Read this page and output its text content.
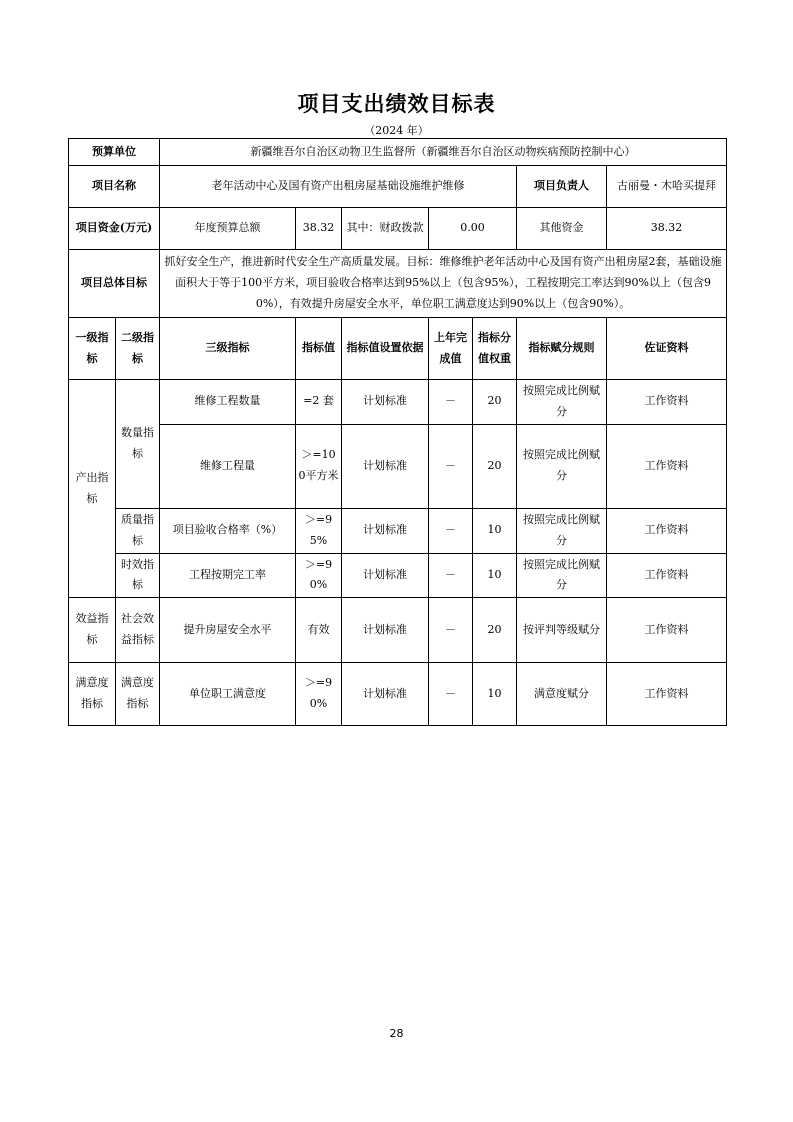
项目支出绩效目标表
（2024 年）
预算单位		新疆维吾尔自治区动物卫生监督所（新疆维吾尔自治区动物疾病预防控制中心）						
项目名称		老年活动中心及国有资产出租房屋基础设施维护维修					项目负责人	古丽曼・木哈买提拜
项目资金(万元)		年度预算总额	38.32	其中：财政拨款	0.00		其他资金	38.32
项目总体目标		抓好安全生产，推进新时代安全生产高质量发展。目标：维修维护老年活动中心及国有资产出租房屋2套，基础设施面积大于等于100平方米，项目验收合格率达到95%以上（包含95%），工程按期完工率达到90%以上（包含90%），有效提升房屋安全水平，单位职工满意度达到90%以上（包含90%）。						
一级指标	二级指标	三级指标	指标值	指标值设置依据	上年完成值	指标分值权重	指标赋分规则	佐证资料
产出指标	数量指标	维修工程数量	=2 套	计划标准	－	20	按照完成比例赋分	工作资料
		维修工程量	＞=100平方米	计划标准	－	20	按照完成比例赋分	工作资料
	质量指标	项目验收合格率（%）	＞=95%	计划标准	－	10	按照完成比例赋分	工作资料
	时效指标	工程按期完工率	＞=90%	计划标准	－	10	按照完成比例赋分	工作资料
效益指标	社会效益指标	提升房屋安全水平	有效	计划标准	－	20	按评判等级赋分	工作资料
满意度指标	满意度指标	单位职工满意度	＞=90%	计划标准	－	10	满意度赋分	工作资料
28
